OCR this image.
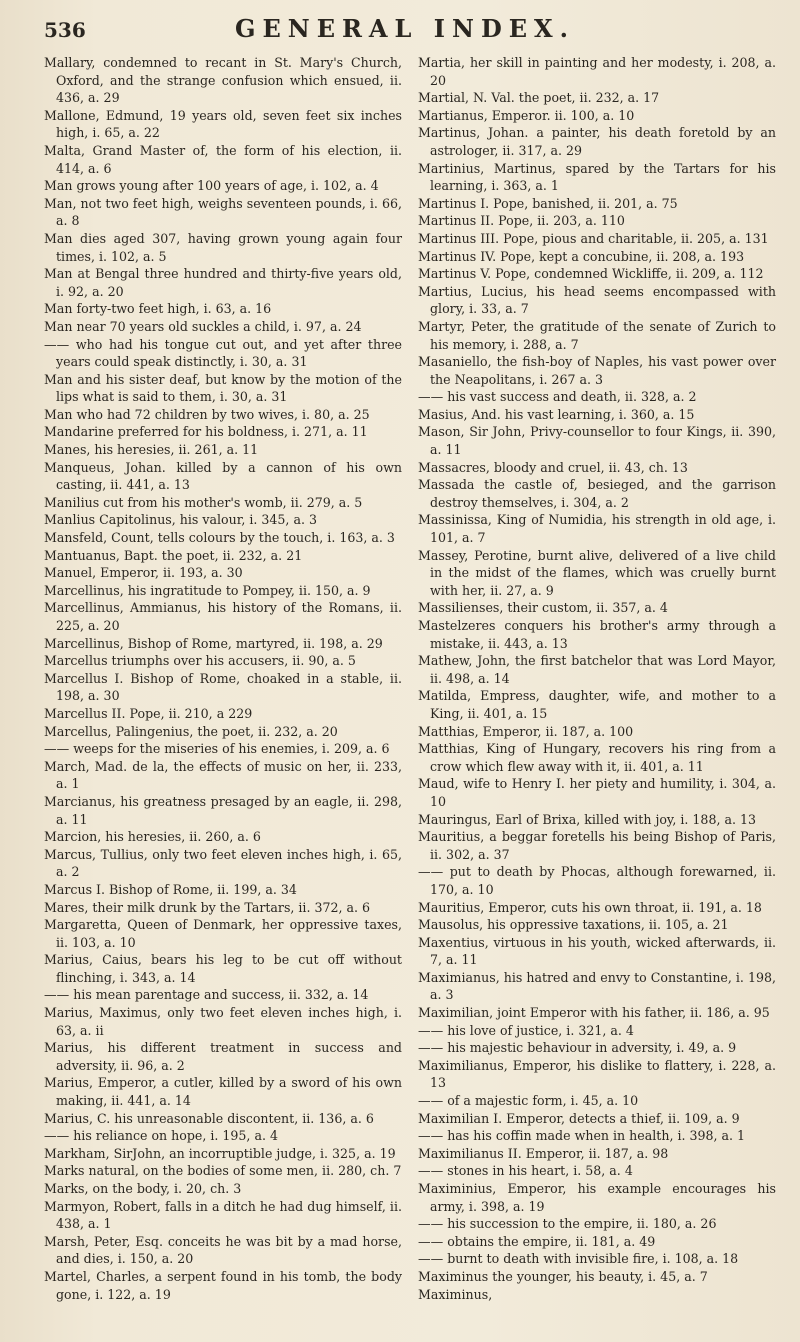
536	GENERAL INDEX.

Mallary, condemned to recant in St. Mary's Church, Oxford, and the strange confusion which ensued, ii. 436, a. 29

Mallone, Edmund, 19 years old, seven feet six inches high, i. 65, a. 22

Malta, Grand Master of, the form of his election, ii. 414, a. 6

Man grows young after 100 years of age, i. 102, a. 4

Man, not two feet high, weighs seventeen pounds, i. 66, a. 8

Man dies aged 307, having grown young again four times, i. 102, a. 5

Man at Bengal three hundred and thirty-five years old, i. 92, a. 20

Man forty-two feet high, i. 63, a. 16

Man near 70 years old suckles a child, i. 97, a. 24

—— who had his tongue cut out, and yet after three years could speak distinctly, i. 30, a. 31

Man and his sister deaf, but know by the motion of the lips what is said to them, i. 30, a. 31

Man who had 72 children by two wives, i. 80, a. 25

Mandarine preferred for his boldness, i. 271, a. 11

Manes, his heresies, ii. 261, a. 11

Manqueus, Johan. killed by a cannon of his own casting, ii. 441, a. 13

Manilius cut from his mother's womb, ii. 279, a. 5

Manlius Capitolinus, his valour, i. 345, a. 3

Mansfeld, Count, tells colours by the touch, i. 163, a. 3

Mantuanus, Bapt. the poet, ii. 232, a. 21

Manuel, Emperor, ii. 193, a. 30

Marcellinus, his ingratitude to Pompey, ii. 150, a. 9

Marcellinus, Ammianus, his history of the Romans, ii. 225, a. 20

Marcellinus, Bishop of Rome, martyred, ii. 198, a. 29

Marcellus triumphs over his accusers, ii. 90, a. 5

Marcellus I. Bishop of Rome, choaked in a stable, ii. 198, a. 30

Marcellus II. Pope, ii. 210, a 229

Marcellus, Palingenius, the poet, ii. 232, a. 20

—— weeps for the miseries of his enemies, i. 209, a. 6

March, Mad. de la, the effects of music on her, ii. 233, a. 1

Marcianus, his greatness presaged by an eagle, ii. 298, a. 11

Marcion, his heresies, ii. 260, a. 6

Marcus, Tullius, only two feet eleven inches high, i. 65, a. 2

Marcus I. Bishop of Rome, ii. 199, a. 34

Mares, their milk drunk by the Tartars, ii. 372, a. 6

Margaretta, Queen of Denmark, her oppressive taxes, ii. 103, a. 10

Marius, Caius, bears his leg to be cut off without flinching, i. 343, a. 14

—— his mean parentage and success, ii. 332, a. 14

Marius, Maximus, only two feet eleven inches high, i. 63, a. ii

Marius, his different treatment in success and adversity, ii. 96, a. 2

Marius, Emperor, a cutler, killed by a sword of his own making, ii. 441, a. 14

Marius, C. his unreasonable discontent, ii. 136, a. 6

—— his reliance on hope, i. 195, a. 4

Markham, SirJohn, an incorruptible judge, i. 325, a. 19

Marks natural, on the bodies of some men, ii. 280, ch. 7

Marks, on the body, i. 20, ch. 3

Marmyon, Robert, falls in a ditch he had dug himself, ii. 438, a. 1

Marsh, Peter, Esq. conceits he was bit by a mad horse, and dies, i. 150, a. 20

Martel, Charles, a serpent found in his tomb, the body gone, i. 122, a. 19

Martia, her skill in painting and her modesty, i. 208, a. 20

Martial, N. Val. the poet, ii. 232, a. 17

Martianus, Emperor. ii. 100, a. 10

Martinus, Johan. a painter, his death foretold by an astrologer, ii. 317, a. 29

Martinius, Martinus, spared by the Tartars for his learning, i. 363, a. 1

Martinus I. Pope, banished, ii. 201, a. 75

Martinus II. Pope, ii. 203, a. 110

Martinus III. Pope, pious and charitable, ii. 205, a. 131

Martinus IV. Pope, kept a concubine, ii. 208, a. 193

Martinus V. Pope, condemned Wickliffe, ii. 209, a. 112

Martius, Lucius, his head seems encompassed with glory, i. 33, a. 7

Martyr, Peter, the gratitude of the senate of Zurich to his memory, i. 288, a. 7

Masaniello, the fish-boy of Naples, his vast power over the Neapolitans, i. 267 a. 3

—— his vast success and death, ii. 328, a. 2

Masius, And. his vast learning, i. 360, a. 15

Mason, Sir John, Privy-counsellor to four Kings, ii. 390, a. 11

Massacres, bloody and cruel, ii. 43, ch. 13

Massada the castle of, besieged, and the garrison destroy themselves, i. 304, a. 2

Massinissa, King of Numidia, his strength in old age, i. 101, a. 7

Massey, Perotine, burnt alive, delivered of a live child in the midst of the flames, which was cruelly burnt with her, ii. 27, a. 9

Massilienses, their custom, ii. 357, a. 4

Mastelzeres conquers his brother's army through a mistake, ii. 443, a. 13

Mathew, John, the first batchelor that was Lord Mayor, ii. 498, a. 14

Matilda, Empress, daughter, wife, and mother to a King, ii. 401, a. 15

Matthias, Emperor, ii. 187, a. 100

Matthias, King of Hungary, recovers his ring from a crow which flew away with it, ii. 401, a. 11

Maud, wife to Henry I. her piety and humility, i. 304, a. 10

Mauringus, Earl of Brixa, killed with joy, i. 188, a. 13

Mauritius, a beggar foretells his being Bishop of Paris, ii. 302, a. 37

—— put to death by Phocas, although forewarned, ii. 170, a. 10

Mauritius, Emperor, cuts his own throat, ii. 191, a. 18

Mausolus, his oppressive taxations, ii. 105, a. 21

Maxentius, virtuous in his youth, wicked afterwards, ii. 7, a. 11

Maximianus, his hatred and envy to Constantine, i. 198, a. 3

Maximilian, joint Emperor with his father, ii. 186, a. 95

—— his love of justice, i. 321, a. 4

—— his majestic behaviour in adversity, i. 49, a. 9

Maximilianus, Emperor, his dislike to flattery, i. 228, a. 13

—— of a majestic form, i. 45, a. 10

Maximilian I. Emperor, detects a thief, ii. 109, a. 9

—— has his coffin made when in health, i. 398, a. 1

Maximilianus II. Emperor, ii. 187, a. 98

—— stones in his heart, i. 58, a. 4

Maximinius, Emperor, his example encourages his army, i. 398, a. 19

—— his succession to the empire, ii. 180, a. 26

—— obtains the empire, ii. 181, a. 49

—— burnt to death with invisible fire, i. 108, a. 18

Maximinus the younger, his beauty, i. 45, a. 7

Maximinus,
